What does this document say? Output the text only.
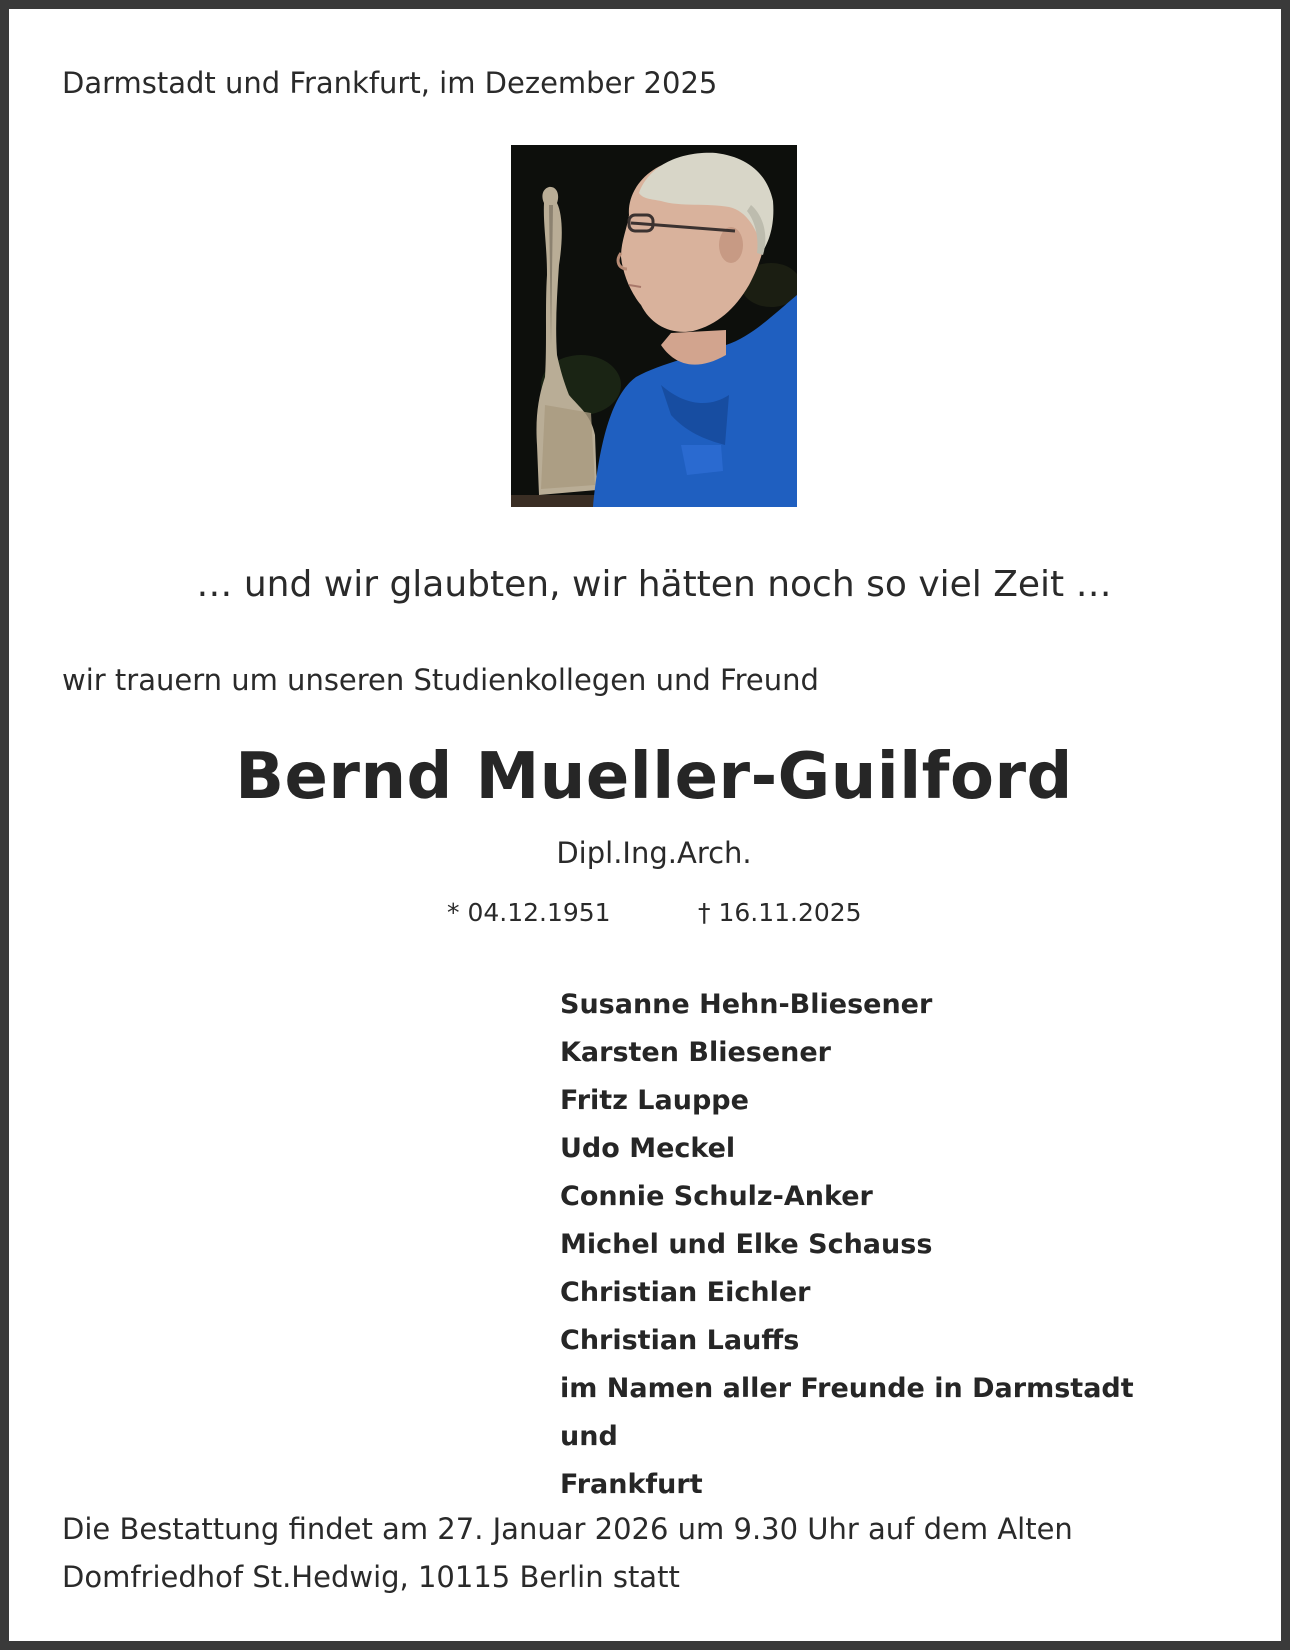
Darmstadt und Frankfurt, im Dezember 2025
… und wir glaubten, wir hätten noch so viel Zeit …
wir trauern um unseren Studienkollegen und Freund
Bernd Mueller-Guilford
Dipl.Ing.Arch.
* 04.12.1951	† 16.11.2025
Susanne Hehn-Bliesener
Karsten Bliesener
Fritz Lauppe
Udo Meckel
Connie Schulz-Anker
Michel und Elke Schauss
Christian Eichler
Christian Lauffs
im Namen aller Freunde in Darmstadt und
Frankfurt
Die Bestattung findet am 27. Januar 2026 um 9.30 Uhr auf dem Alten
Domfriedhof St.Hedwig, 10115 Berlin statt
